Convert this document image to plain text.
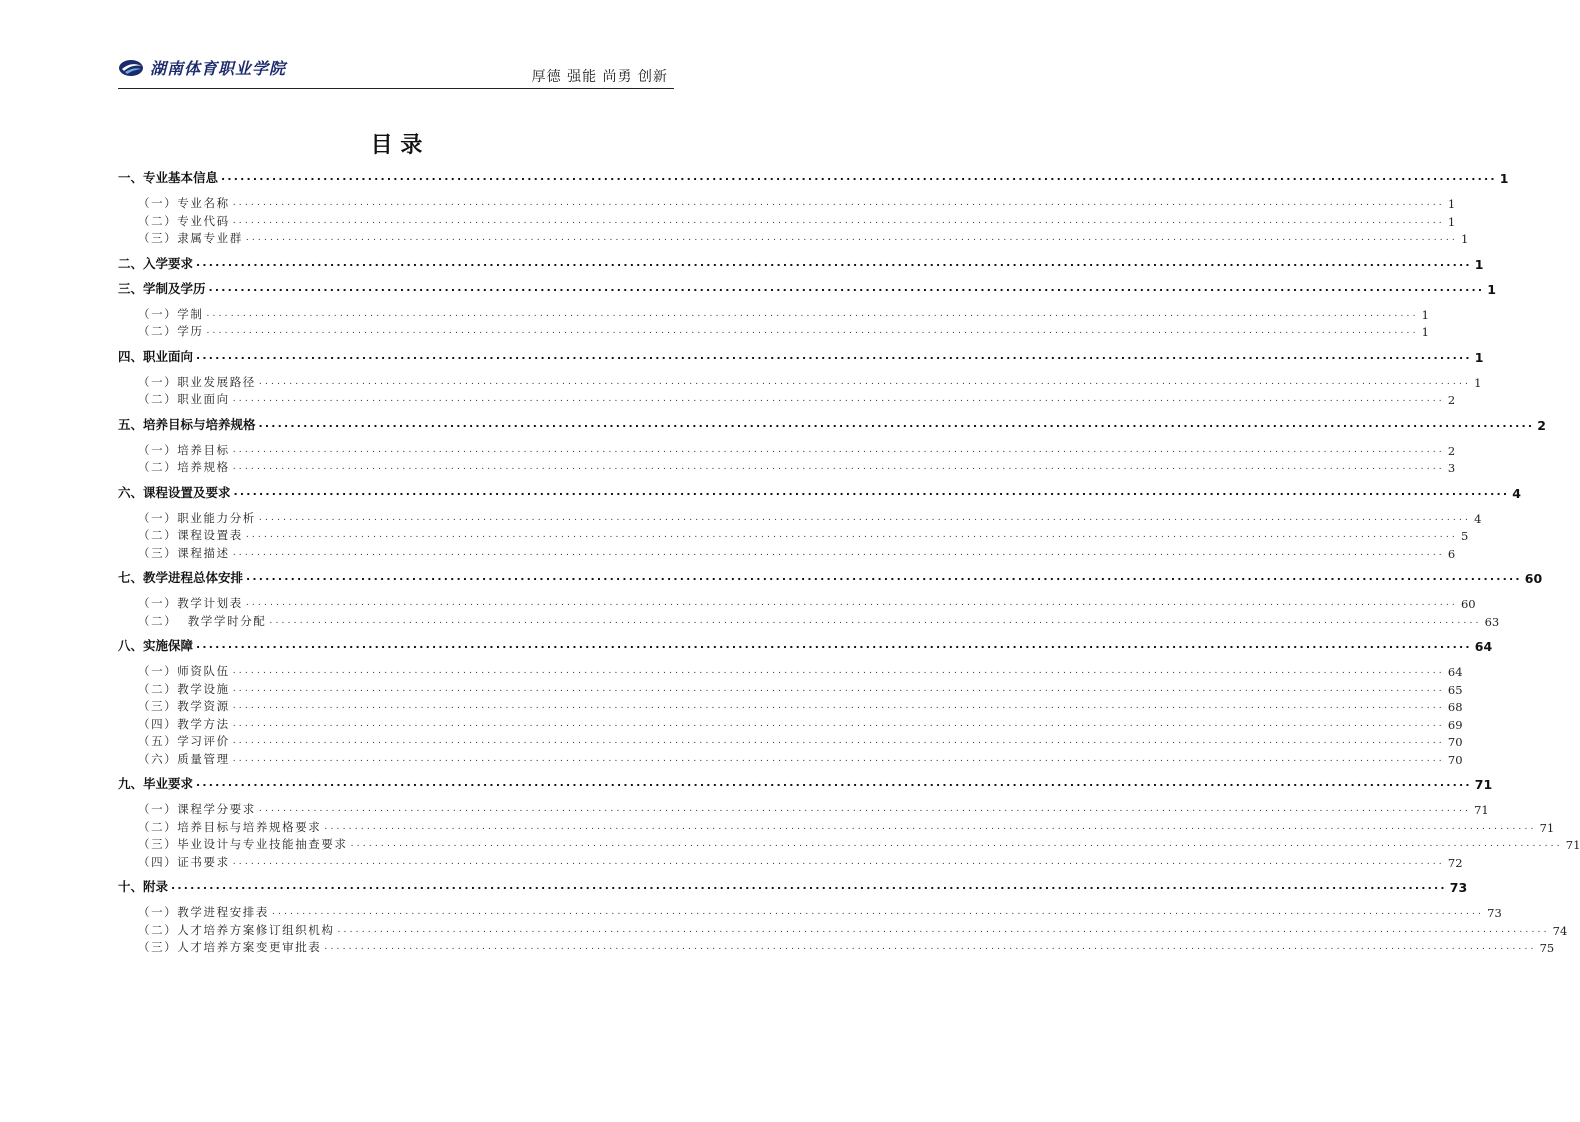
湖南体育职业学院	厚德 强能 尚勇 创新
目 录
一、专业基本信息 ........................................................................................................................................................................................................ 1
（一）专业名称 ........................................................................................................................................................................................................ 1
（二）专业代码 ........................................................................................................................................................................................................ 1
（三）隶属专业群 ........................................................................................................................................................................................................ 1
二、入学要求 ........................................................................................................................................................................................................ 1
三、学制及学历 ........................................................................................................................................................................................................ 1
（一）学制 ........................................................................................................................................................................................................ 1
（二）学历 ........................................................................................................................................................................................................ 1
四、职业面向 ........................................................................................................................................................................................................ 1
（一）职业发展路径 ........................................................................................................................................................................................................ 1
（二）职业面向 ........................................................................................................................................................................................................ 2
五、培养目标与培养规格 ........................................................................................................................................................................................................ 2
（一）培养目标 ........................................................................................................................................................................................................ 2
（二）培养规格 ........................................................................................................................................................................................................ 3
六、课程设置及要求 ........................................................................................................................................................................................................ 4
（一）职业能力分析 ........................................................................................................................................................................................................ 4
（二）课程设置表 ........................................................................................................................................................................................................ 5
（三）课程描述 ........................................................................................................................................................................................................ 6
七、教学进程总体安排 ........................................................................................................................................................................................................ 60
（一）教学计划表 ........................................................................................................................................................................................................ 60
（二）  教学学时分配 ........................................................................................................................................................................................................ 63
八、实施保障 ........................................................................................................................................................................................................ 64
（一）师资队伍 ........................................................................................................................................................................................................ 64
（二）教学设施 ........................................................................................................................................................................................................ 65
（三）教学资源 ........................................................................................................................................................................................................ 68
（四）教学方法 ........................................................................................................................................................................................................ 69
（五）学习评价 ........................................................................................................................................................................................................ 70
（六）质量管理 ........................................................................................................................................................................................................ 70
九、毕业要求 ........................................................................................................................................................................................................ 71
（一）课程学分要求 ........................................................................................................................................................................................................ 71
（二）培养目标与培养规格要求 ........................................................................................................................................................................................................ 71
（三）毕业设计与专业技能抽查要求 ........................................................................................................................................................................................................ 71
（四）证书要求 ........................................................................................................................................................................................................ 72
十、附录 ........................................................................................................................................................................................................ 73
（一）教学进程安排表 ........................................................................................................................................................................................................ 73
（二）人才培养方案修订组织机构 ........................................................................................................................................................................................................ 74
（三）人才培养方案变更审批表 ........................................................................................................................................................................................................ 75
